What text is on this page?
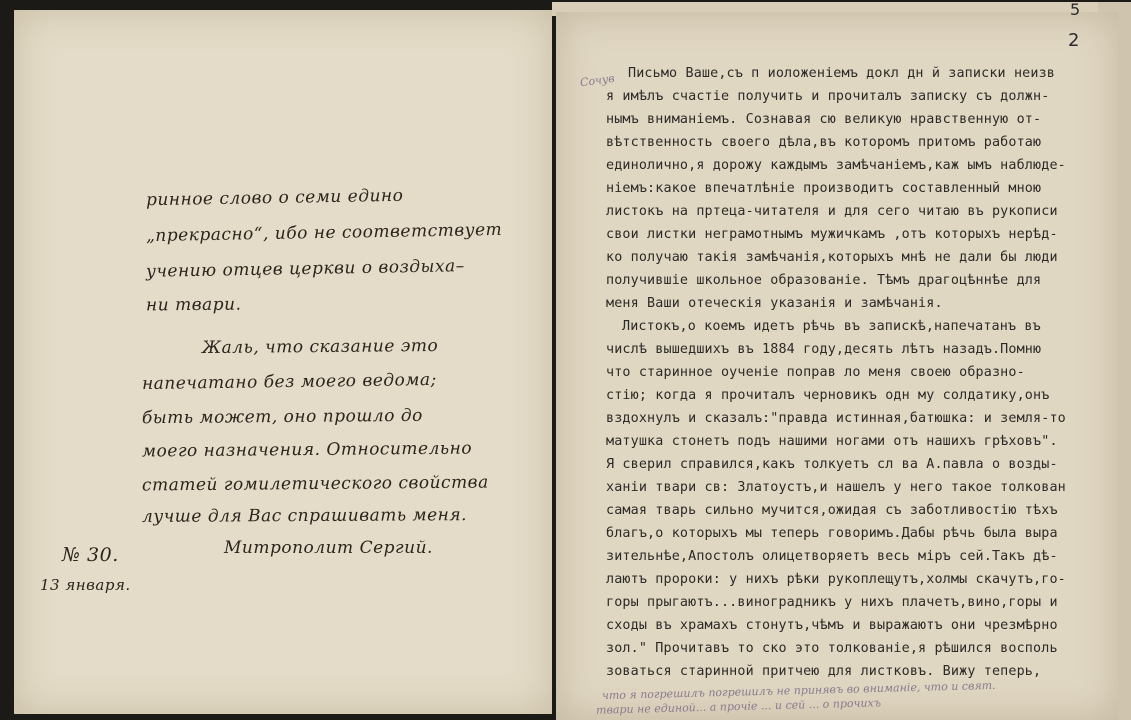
ринное слово о семи едино
„прекрасно“, ибо не соответствует
учению отцев церкви о воздыха–
ни твари.
Жаль, что сказание это
напечатано без моего ведома;
быть может, оно прошло до
моего назначения. Относительно
статей гомилетического свойства
лучше для Вас спрашивать меня.
Митрополит Сергий.
№ 30.
13 января.
2
5
Сочув Письмо Ваше,съ п иоложенiемъ докл дн й записки неизв
я имѣлъ счастiе получить и прочиталъ записку съ должн-
нымъ вниманiемъ. Сознавая сю великую нравственную от-
вѣтственность своего дѣла,въ которомъ притомъ работаю
единолично,я дорожу каждымъ замѣчанiемъ,каж ымъ наблюде-
нiемъ:какое впечатлѣнiе производитъ составленный мною
листокъ на пртеца-читателя и для сего читаю въ рукописи
свои листки неграмотнымъ мужичкамъ ,отъ которыхъ нерѣд-
ко получаю такiя замѣчанiя,которыхъ мнѣ не дали бы люди
получившiе школьное образованiе. Тѣмъ драгоцѣннѣе для
меня Ваши отеческiя указанiя и замѣчанiя.
Листокъ,о коемъ идетъ рѣчь въ запискѣ,напечатанъ въ
числѣ вышедшихъ въ 1884 году,десять лѣтъ назадъ.Помню
что старинное оученiе поправ ло меня своею образно-
стiю; когда я прочиталъ черновикъ одн му солдатику,онъ
вздохнулъ и сказалъ:"правда истинная,батюшка: и земля-то
матушка стонетъ подъ нашими ногами отъ нашихъ грѣховъ".
Я сверил справился,какъ толкуетъ сл ва А.павла о возды-
ханiи твари св: Златоустъ,и нашелъ у него такое толкован
самая тварь сильно мучится,ожидая съ заботливостiю тѣхъ
благъ,о которыхъ мы теперь говоримъ.Дабы рѣчь была выра
зительнѣе,Апостолъ олицетворяетъ весь мiръ сей.Такъ дѣ-
лаютъ пророки: у нихъ рѣки рукоплещутъ,холмы скачутъ,го-
горы прыгаютъ...виноградникъ у нихъ плачетъ,вино,горы и
сходы въ храмахъ стонутъ,чѣмъ и выражаютъ они чрезмѣрно
зол." Прочитавъ то ско это толкованiе,я рѣшился восполь
зоваться старинной притчею для листковъ. Вижу теперь,
что я погрешилъ погрешилъ не принявъ во вниманiе, что и свят.
твари не единой... а прочiе ... и сей ... о прочихъ
